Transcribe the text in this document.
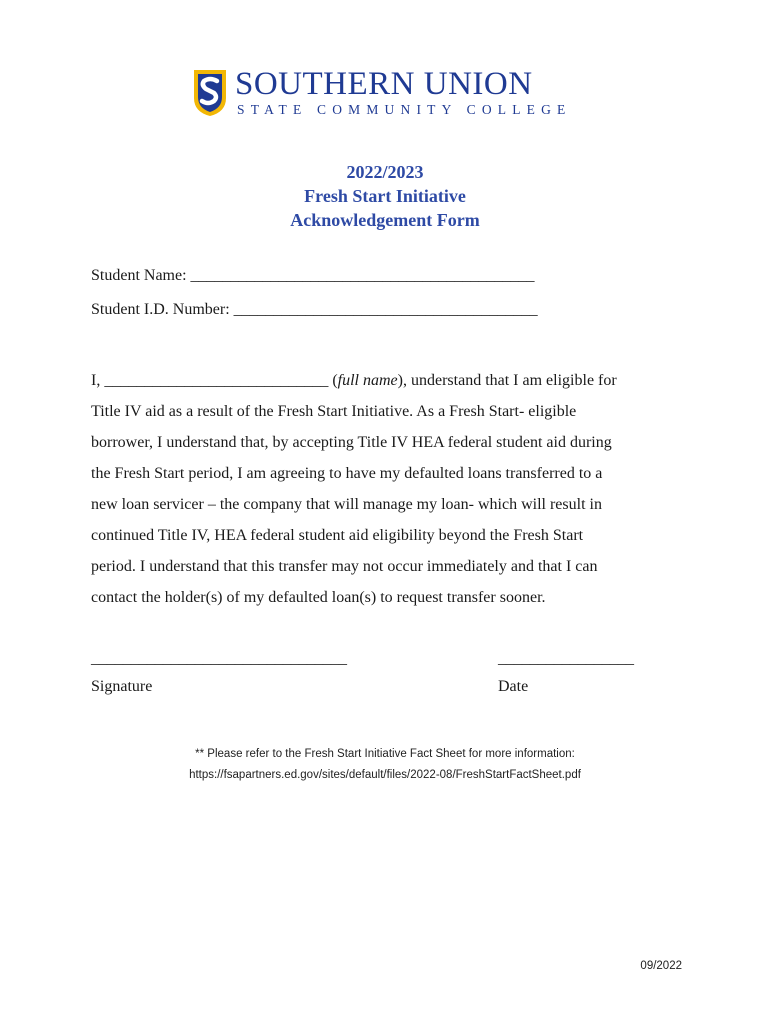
SOUTHERN UNION
STATE COMMUNITY COLLEGE
2022/2023
Fresh Start Initiative
Acknowledgement Form
Student Name: ___________________________________________
Student I.D. Number: ______________________________________

I, ____________________________ (full name), understand that I am eligible for

Title IV aid as a result of the Fresh Start Initiative. As a Fresh Start- eligible

borrower, I understand that, by accepting Title IV HEA federal student aid during

the Fresh Start period, I am agreeing to have my defaulted loans transferred to a

new loan servicer – the company that will manage my loan- which will result in

continued Title IV, HEA federal student aid eligibility beyond the Fresh Start

period. I understand that this transfer may not occur immediately and that I can

contact the holder(s) of my defaulted loan(s) to request transfer sooner.

________________________________	_________________
Signature	Date
** Please refer to the Fresh Start Initiative Fact Sheet for more information:
https://fsapartners.ed.gov/sites/default/files/2022-08/FreshStartFactSheet.pdf
09/2022
